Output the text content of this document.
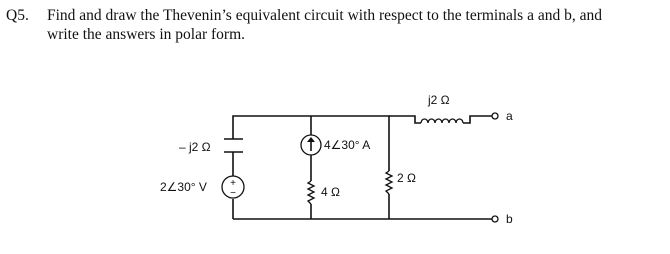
Q5. Find and draw the Thevenin’s equivalent circuit with respect to the terminals a and b, and
write the answers in polar form.
– j2 Ω
+
−
2∠30° V
4∠30° A
4 Ω
2 Ω
j2 Ω
a
b
